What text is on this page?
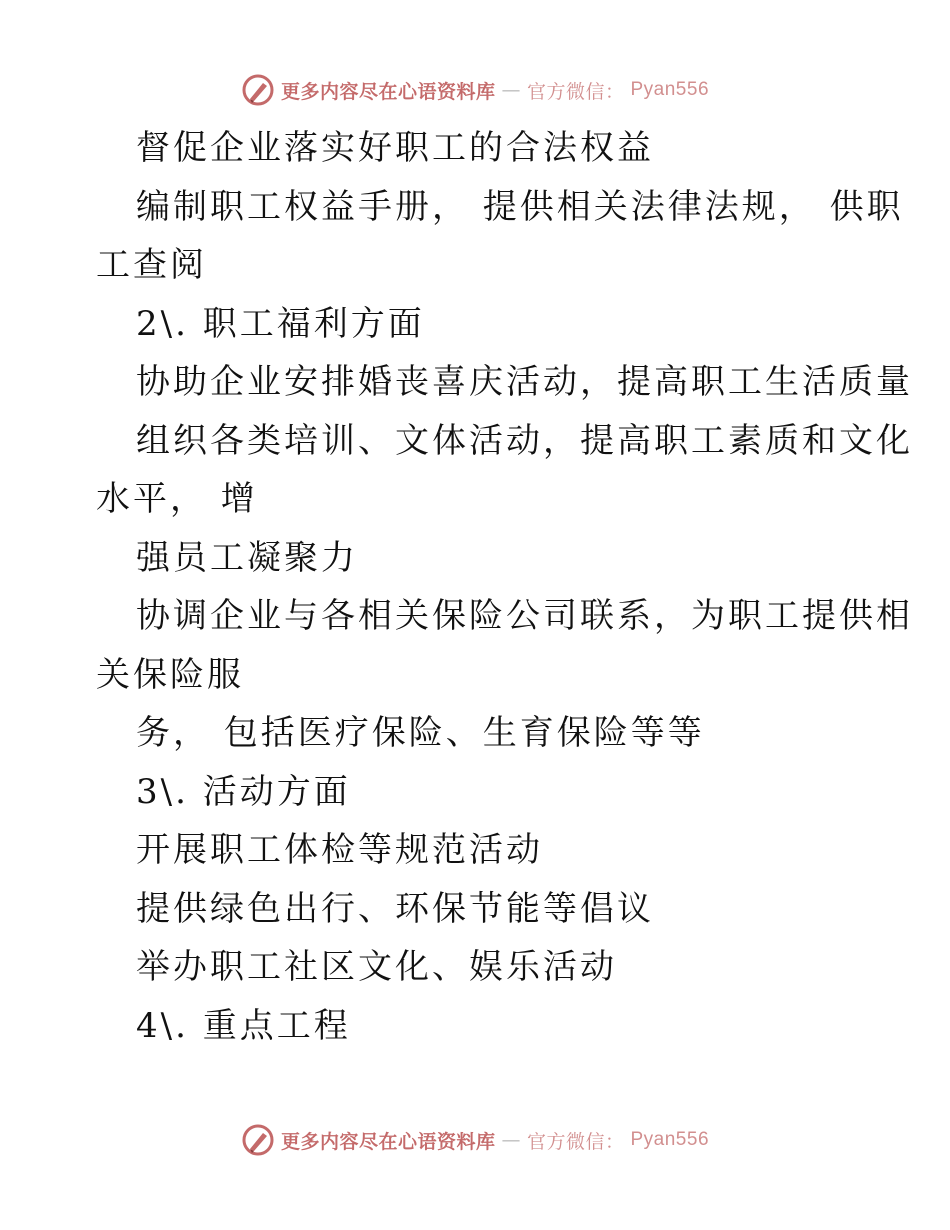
更多内容尽在心语资料库 — 官方微信： Pyan556
督促企业落实好职工的合法权益
编制职工权益手册， 提供相关法律法规， 供职
工查阅
2\. 职工福利方面
协助企业安排婚丧喜庆活动，提高职工生活质量
组织各类培训、文体活动，提高职工素质和文化
水平， 增
强员工凝聚力
协调企业与各相关保险公司联系，为职工提供相
关保险服
务， 包括医疗保险、生育保险等等
3\. 活动方面
开展职工体检等规范活动
提供绿色出行、环保节能等倡议
举办职工社区文化、娱乐活动
4\. 重点工程
更多内容尽在心语资料库 — 官方微信： Pyan556
